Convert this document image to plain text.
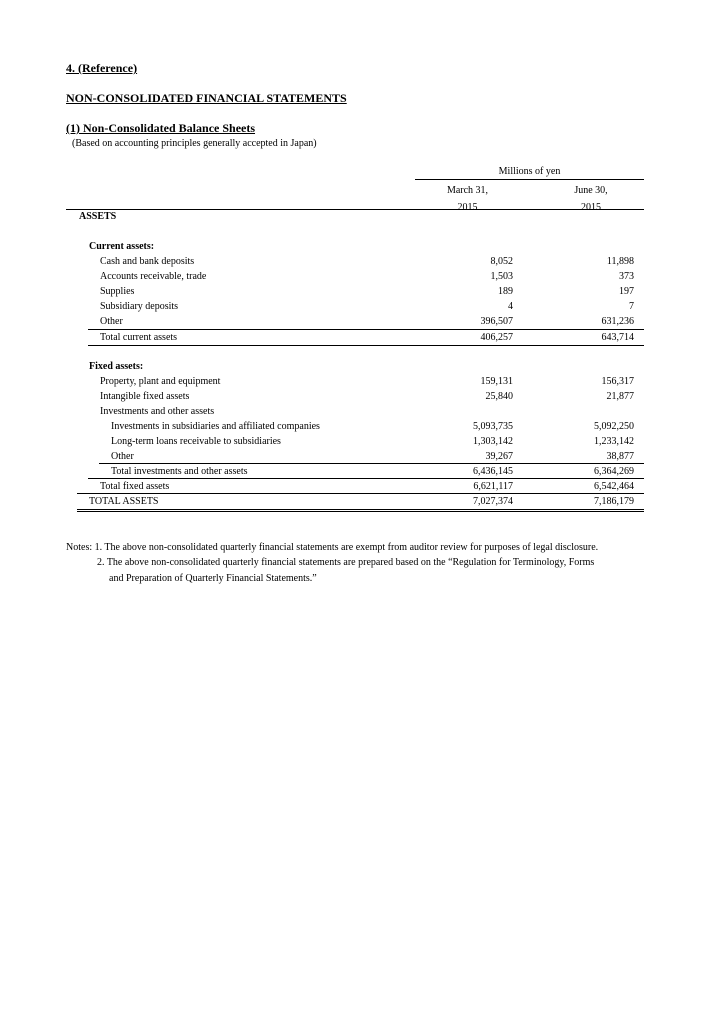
4. (Reference)
NON-CONSOLIDATED FINANCIAL STATEMENTS
(1) Non-Consolidated Balance Sheets
(Based on accounting principles generally accepted in Japan)
Millions of yen
March 31,
2015
June 30,
2015
ASSETS
Current assets:
Cash and bank deposits	8,052	11,898
Accounts receivable, trade	1,503	373
Supplies	189	197
Subsidiary deposits	4	7
Other	396,507	631,236
Total current assets	406,257	643,714
Fixed assets:
Property, plant and equipment	159,131	156,317
Intangible fixed assets	25,840	21,877
Investments and other assets
Investments in subsidiaries and affiliated companies	5,093,735	5,092,250
Long-term loans receivable to subsidiaries	1,303,142	1,233,142
Other	39,267	38,877
Total investments and other assets	6,436,145	6,364,269
Total fixed assets	6,621,117	6,542,464
TOTAL ASSETS	7,027,374	7,186,179
Notes: 1. The above non-consolidated quarterly financial statements are exempt from auditor review for purposes of legal disclosure.
2. The above non-consolidated quarterly financial statements are prepared based on the “Regulation for Terminology, Forms
and Preparation of Quarterly Financial Statements.”
